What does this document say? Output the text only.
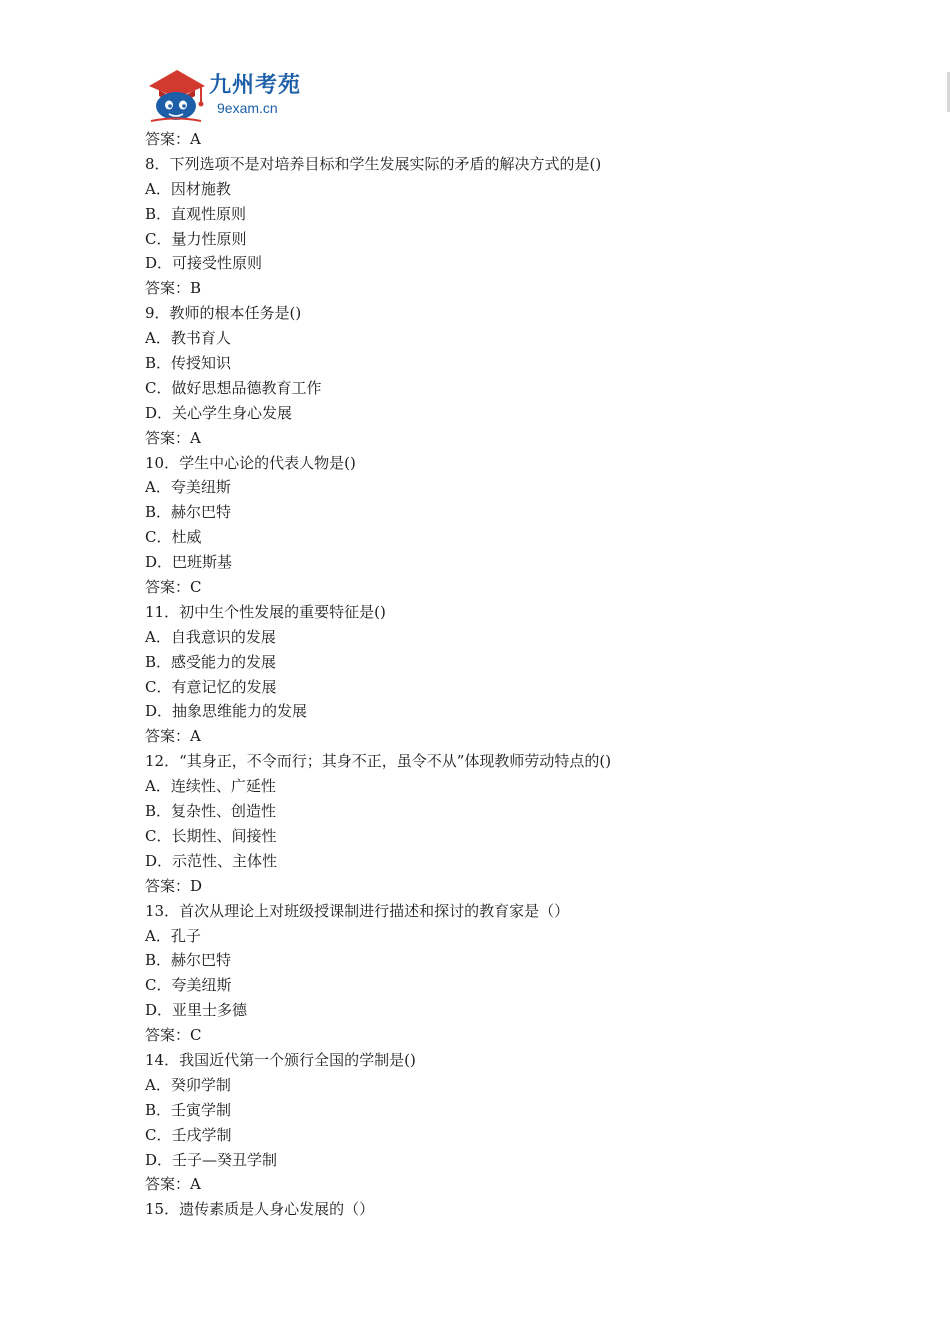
九州考苑
9exam.cn
答案：A
8．下列选项不是对培养目标和学生发展实际的矛盾的解决方式的是()
A．因材施教
B．直观性原则
C．量力性原则
D．可接受性原则
答案：B
9．教师的根本任务是()
A．教书育人
B．传授知识
C．做好思想品德教育工作
D．关心学生身心发展
答案：A
10．学生中心论的代表人物是()
A．夸美纽斯
B．赫尔巴特
C．杜威
D．巴班斯基
答案：C
11．初中生个性发展的重要特征是()
A．自我意识的发展
B．感受能力的发展
C．有意记忆的发展
D．抽象思维能力的发展
答案：A
12．“其身正，不令而行；其身不正，虽令不从”体现教师劳动特点的()
A．连续性、广延性
B．复杂性、创造性
C．长期性、间接性
D．示范性、主体性
答案：D
13．首次从理论上对班级授课制进行描述和探讨的教育家是（）
A．孔子
B．赫尔巴特
C．夸美纽斯
D．亚里士多德
答案：C
14．我国近代第一个颁行全国的学制是()
A．癸卯学制
B．壬寅学制
C．壬戌学制
D．壬子—癸丑学制
答案：A
15．遗传素质是人身心发展的（）
